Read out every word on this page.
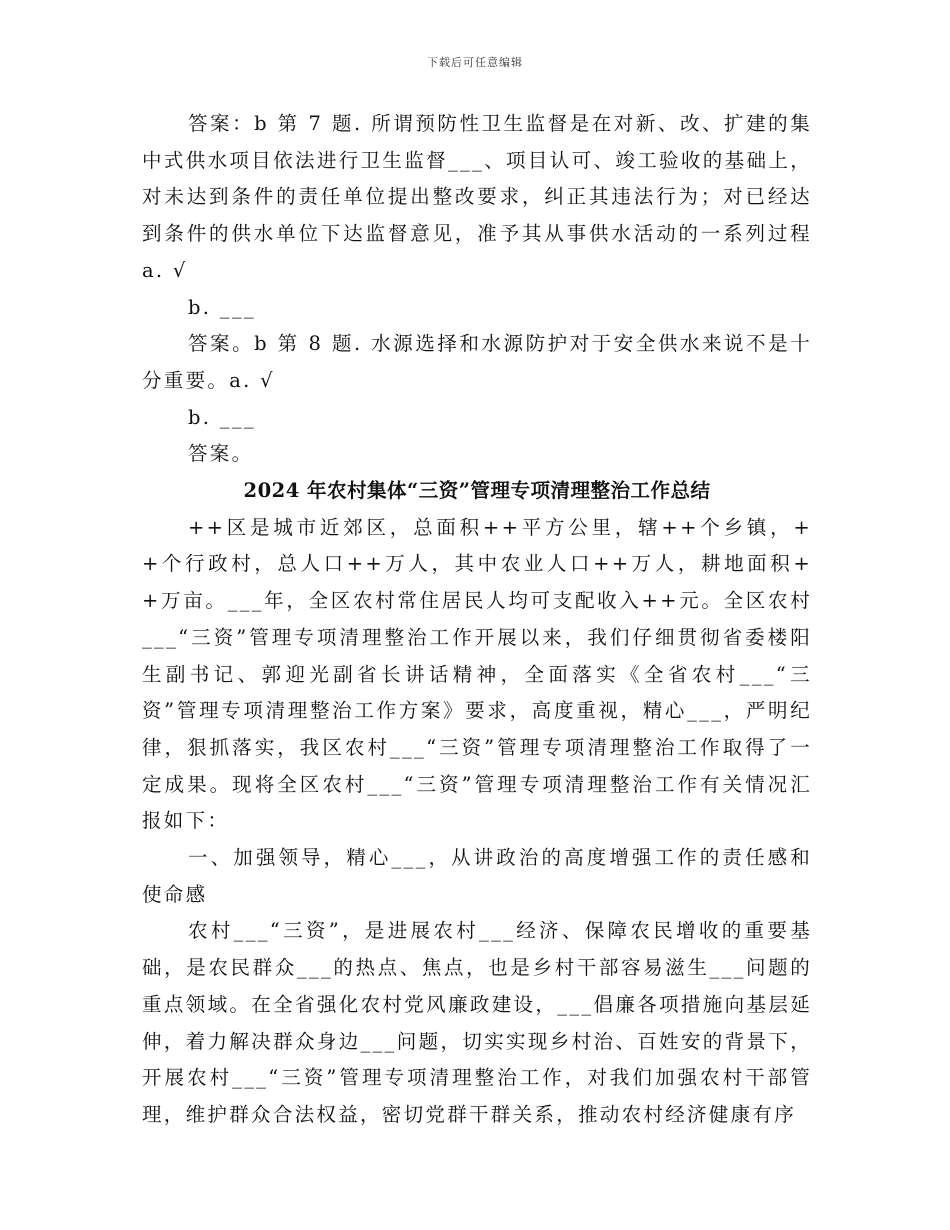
下载后可任意编辑

答案：b 第 7 题. 所谓预防性卫生监督是在对新、改、扩建的集中式供水项目依法进行卫生监督___、项目认可、竣工验收的基础上，对未达到条件的责任单位提出整改要求，纠正其违法行为；对已经达到条件的供水单位下达监督意见，准予其从事供水活动的一系列过程 a. √

b. ___

答案。b 第 8 题. 水源选择和水源防护对于安全供水来说不是十分重要。a. √

b. ___

答案。

2024 年农村集体“三资”管理专项清理整治工作总结

++区是城市近郊区，总面积++平方公里，辖++个乡镇，++个行政村，总人口++万人，其中农业人口++万人，耕地面积++万亩。___年，全区农村常住居民人均可支配收入++元。全区农村___“三资”管理专项清理整治工作开展以来，我们仔细贯彻省委楼阳生副书记、郭迎光副省长讲话精神，全面落实《全省农村___“三资”管理专项清理整治工作方案》要求，高度重视，精心___，严明纪律，狠抓落实，我区农村___“三资”管理专项清理整治工作取得了一定成果。现将全区农村___“三资”管理专项清理整治工作有关情况汇报如下：

一、加强领导，精心___，从讲政治的高度增强工作的责任感和使命感

农村___“三资”，是进展农村___经济、保障农民增收的重要基础，是农民群众___的热点、焦点，也是乡村干部容易滋生___问题的重点领域。在全省强化农村党风廉政建设，___倡廉各项措施向基层延伸，着力解决群众身边___问题，切实实现乡村治、百姓安的背景下，开展农村___“三资”管理专项清理整治工作，对我们加强农村干部管理，维护群众合法权益，密切党群干群关系，推动农村经济健康有序
